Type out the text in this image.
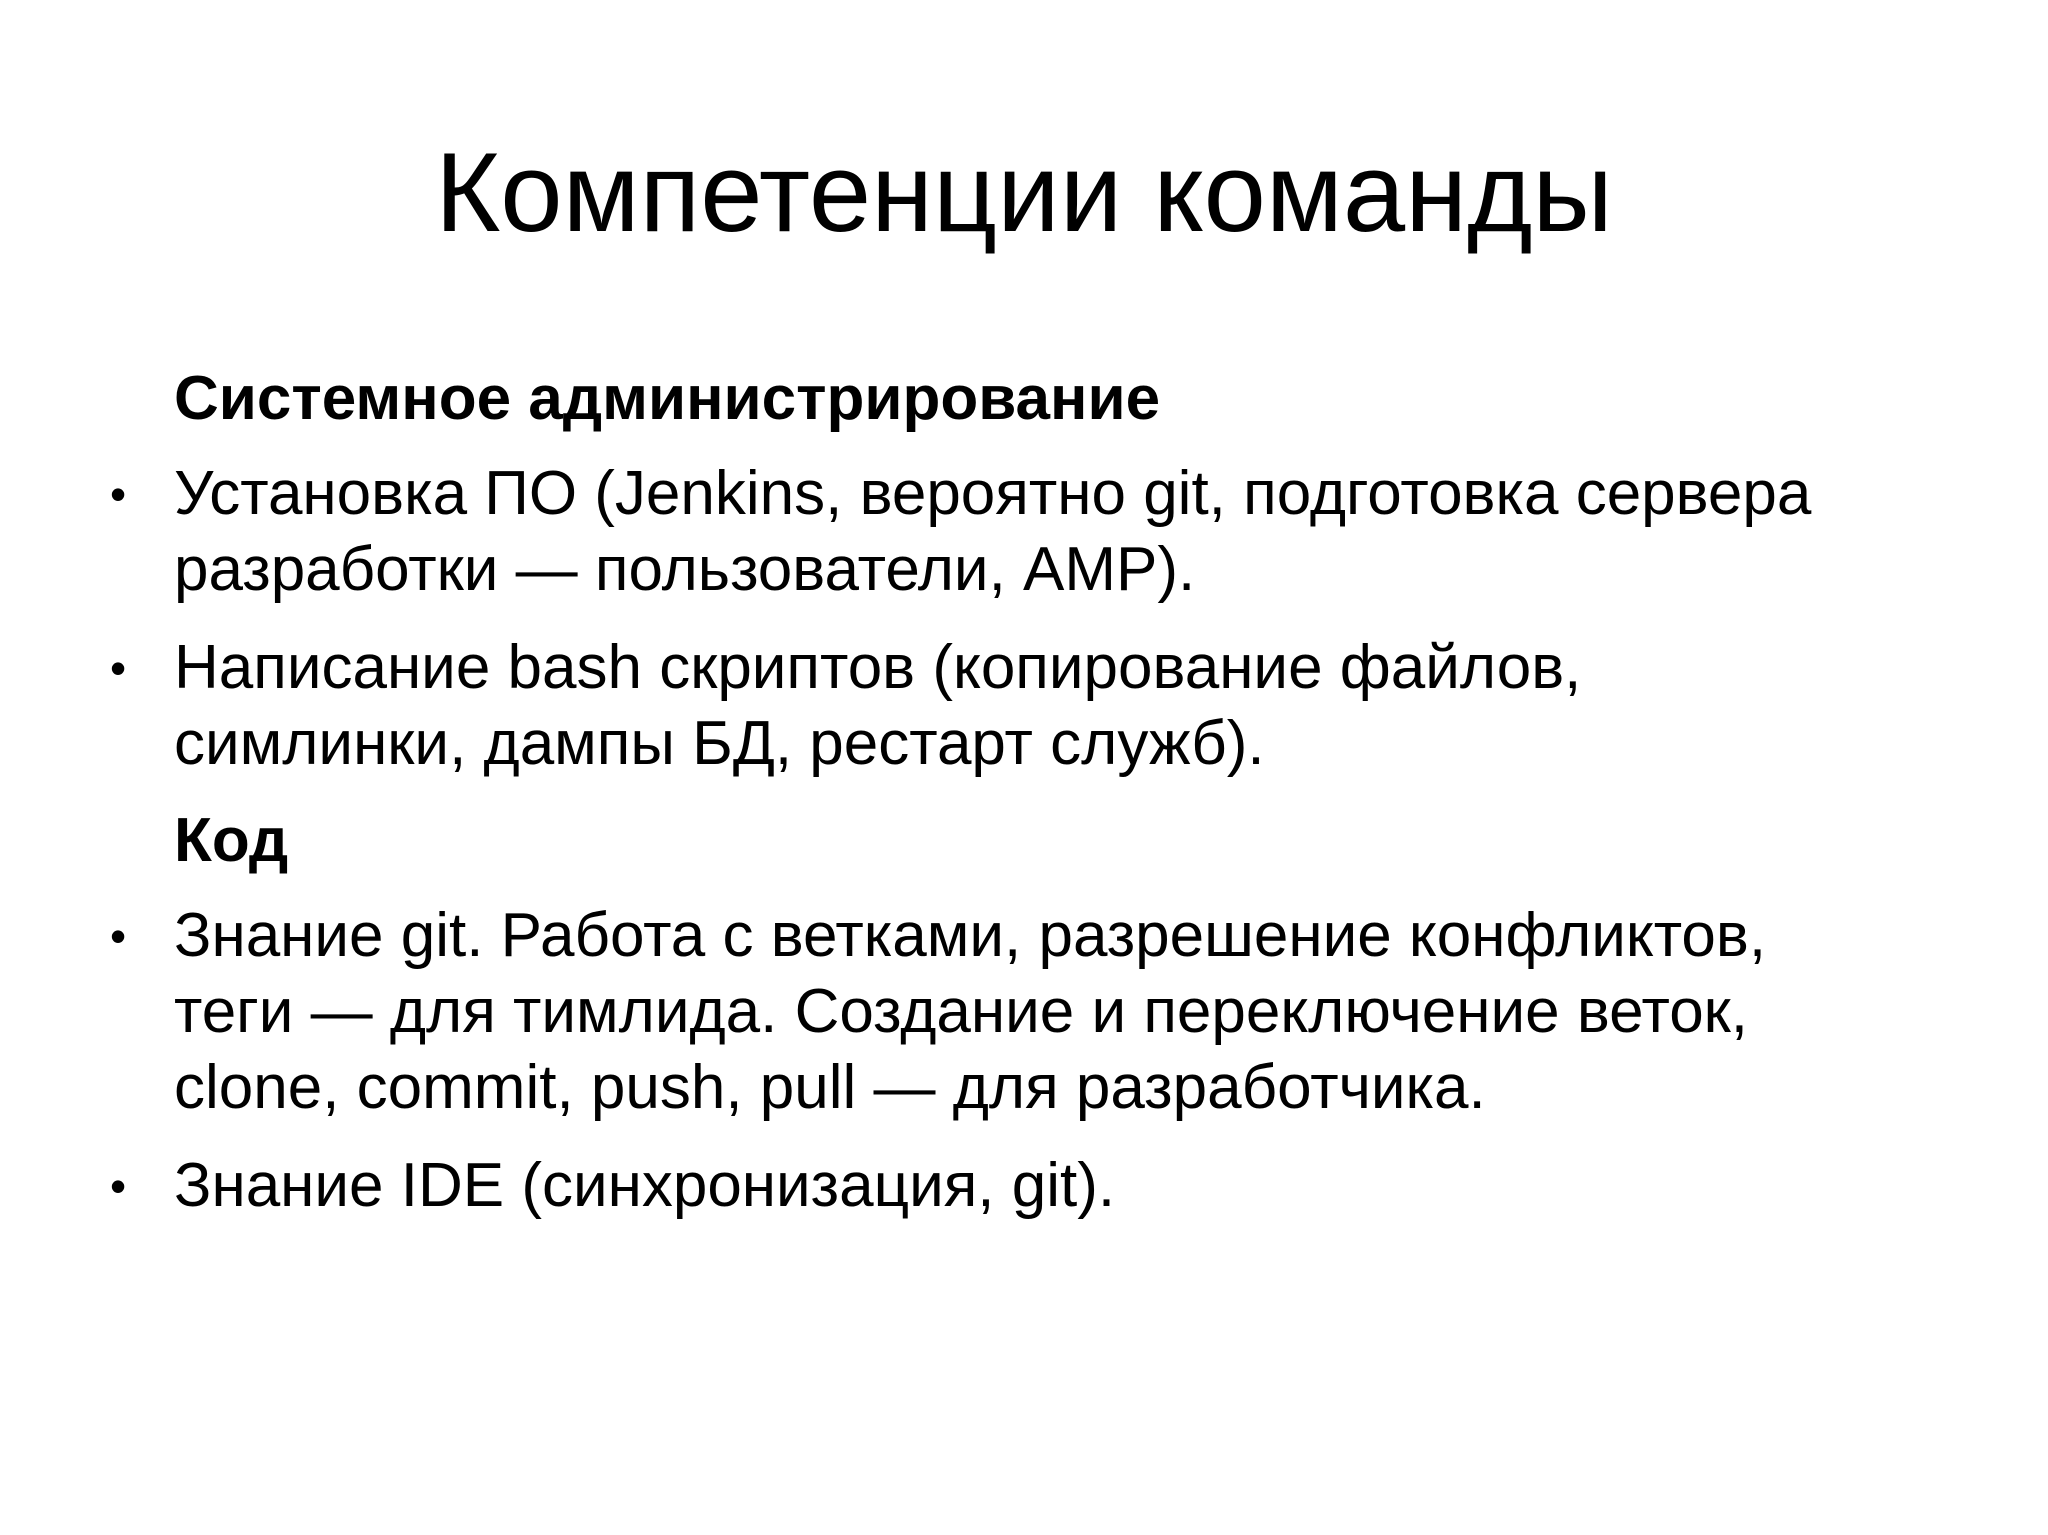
Компетенции команды
Системное администрирование
• Установка ПО (Jenkins, вероятно git, подготовка сервера
разработки — пользователи, AMP).
• Написание bash скриптов (копирование файлов,
симлинки, дампы БД, рестарт служб).
Код
• Знание git. Работа с ветками, разрешение конфликтов,
теги — для тимлида. Создание и переключение веток,
clone, commit, push, pull — для разработчика.
• Знание IDE (синхронизация, git).
